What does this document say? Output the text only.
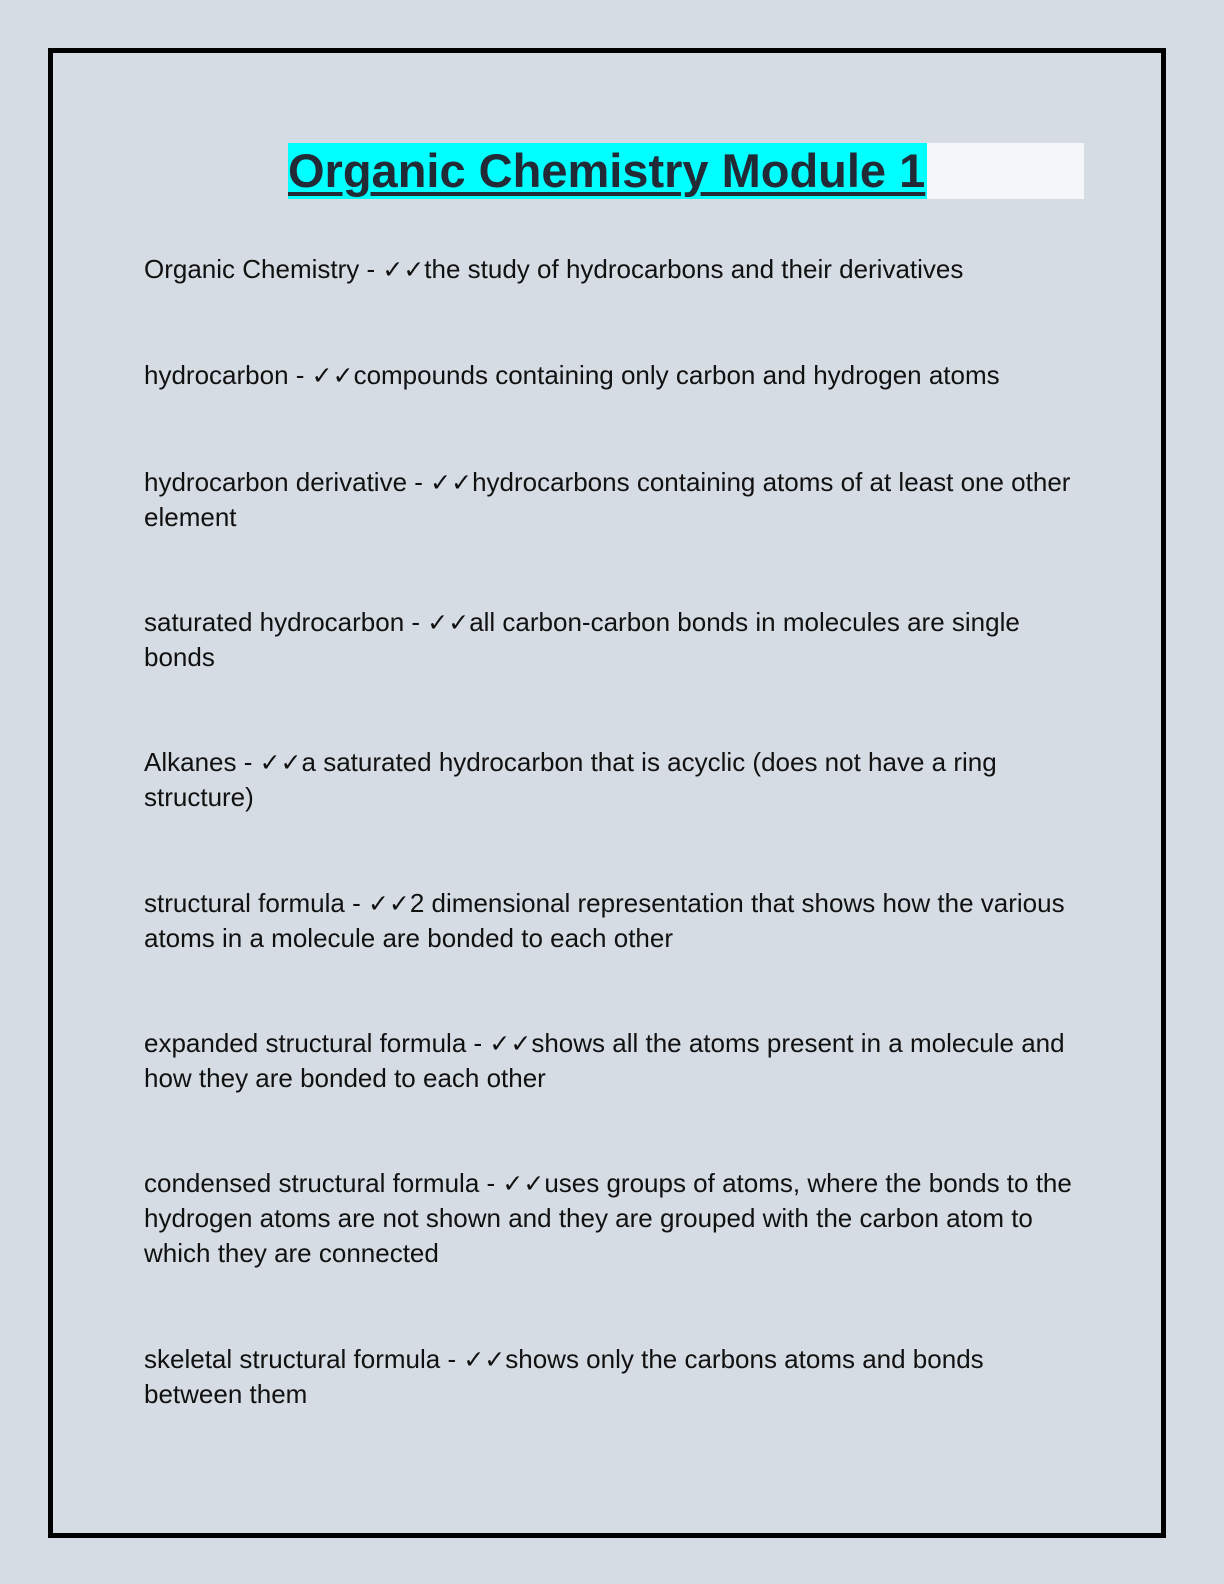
Organic Chemistry Module 1

Organic Chemistry - ✓✓the study of hydrocarbons and their derivatives

hydrocarbon - ✓✓compounds containing only carbon and hydrogen atoms

hydrocarbon derivative - ✓✓hydrocarbons containing atoms of at least one other element

saturated hydrocarbon - ✓✓all carbon-carbon bonds in molecules are single bonds

Alkanes - ✓✓a saturated hydrocarbon that is acyclic (does not have a ring structure)

structural formula - ✓✓2 dimensional representation that shows how the various atoms in a molecule are bonded to each other

expanded structural formula - ✓✓shows all the atoms present in a molecule and how they are bonded to each other

condensed structural formula - ✓✓uses groups of atoms, where the bonds to the hydrogen atoms are not shown and they are grouped with the carbon atom to which they are connected

skeletal structural formula - ✓✓shows only the carbons atoms and bonds between them
